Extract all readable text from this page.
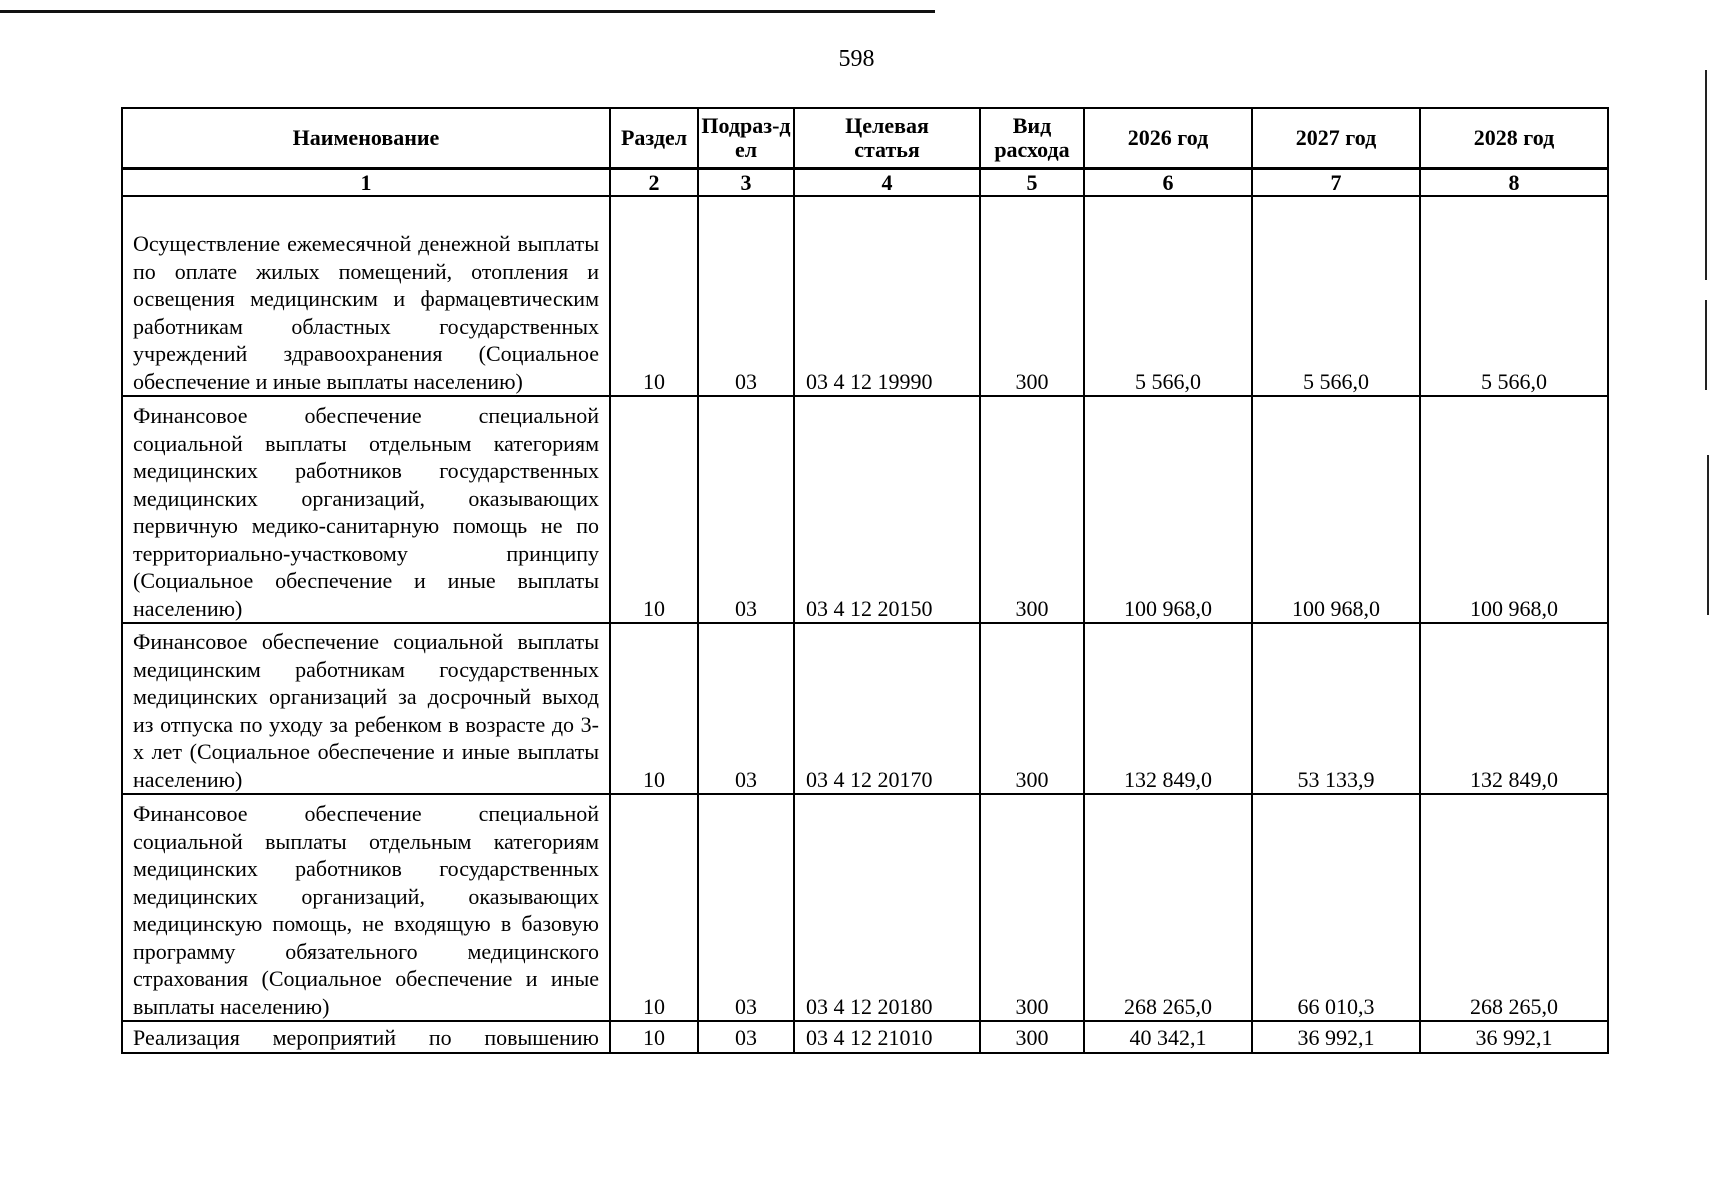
598
Наименование	Раздел	Подраз-дел	Целевая статья	Вид расхода	2026 год	2027 год	2028 год
1	2	3	4	5	6	7	8
Осуществление ежемесячной денежной выплаты по оплате жилых помещений, отопления и освещения медицинским и фармацевтическим работникам областных государственных учреждений здравоохранения (Социальное обеспечение и иные выплаты населению)	10	03	03 4 12 19990	300	5 566,0	5 566,0	5 566,0
Финансовое обеспечение специальной социальной выплаты отдельным категориям медицинских работников государственных медицинских организаций, оказывающих первичную медико-санитарную помощь не по территориально-участковому принципу (Социальное обеспечение и иные выплаты населению)	10	03	03 4 12 20150	300	100 968,0	100 968,0	100 968,0
Финансовое обеспечение социальной выплаты медицинским работникам государственных медицинских организаций за досрочный выход из отпуска по уходу за ребенком в возрасте до 3-х лет (Социальное обеспечение и иные выплаты населению)	10	03	03 4 12 20170	300	132 849,0	53 133,9	132 849,0
Финансовое обеспечение специальной социальной выплаты отдельным категориям медицинских работников государственных медицинских организаций, оказывающих медицинскую помощь, не входящую в базовую программу обязательного медицинского страхования (Социальное обеспечение и иные выплаты населению)	10	03	03 4 12 20180	300	268 265,0	66 010,3	268 265,0
Реализация мероприятий по повышению	10	03	03 4 12 21010	300	40 342,1	36 992,1	36 992,1
